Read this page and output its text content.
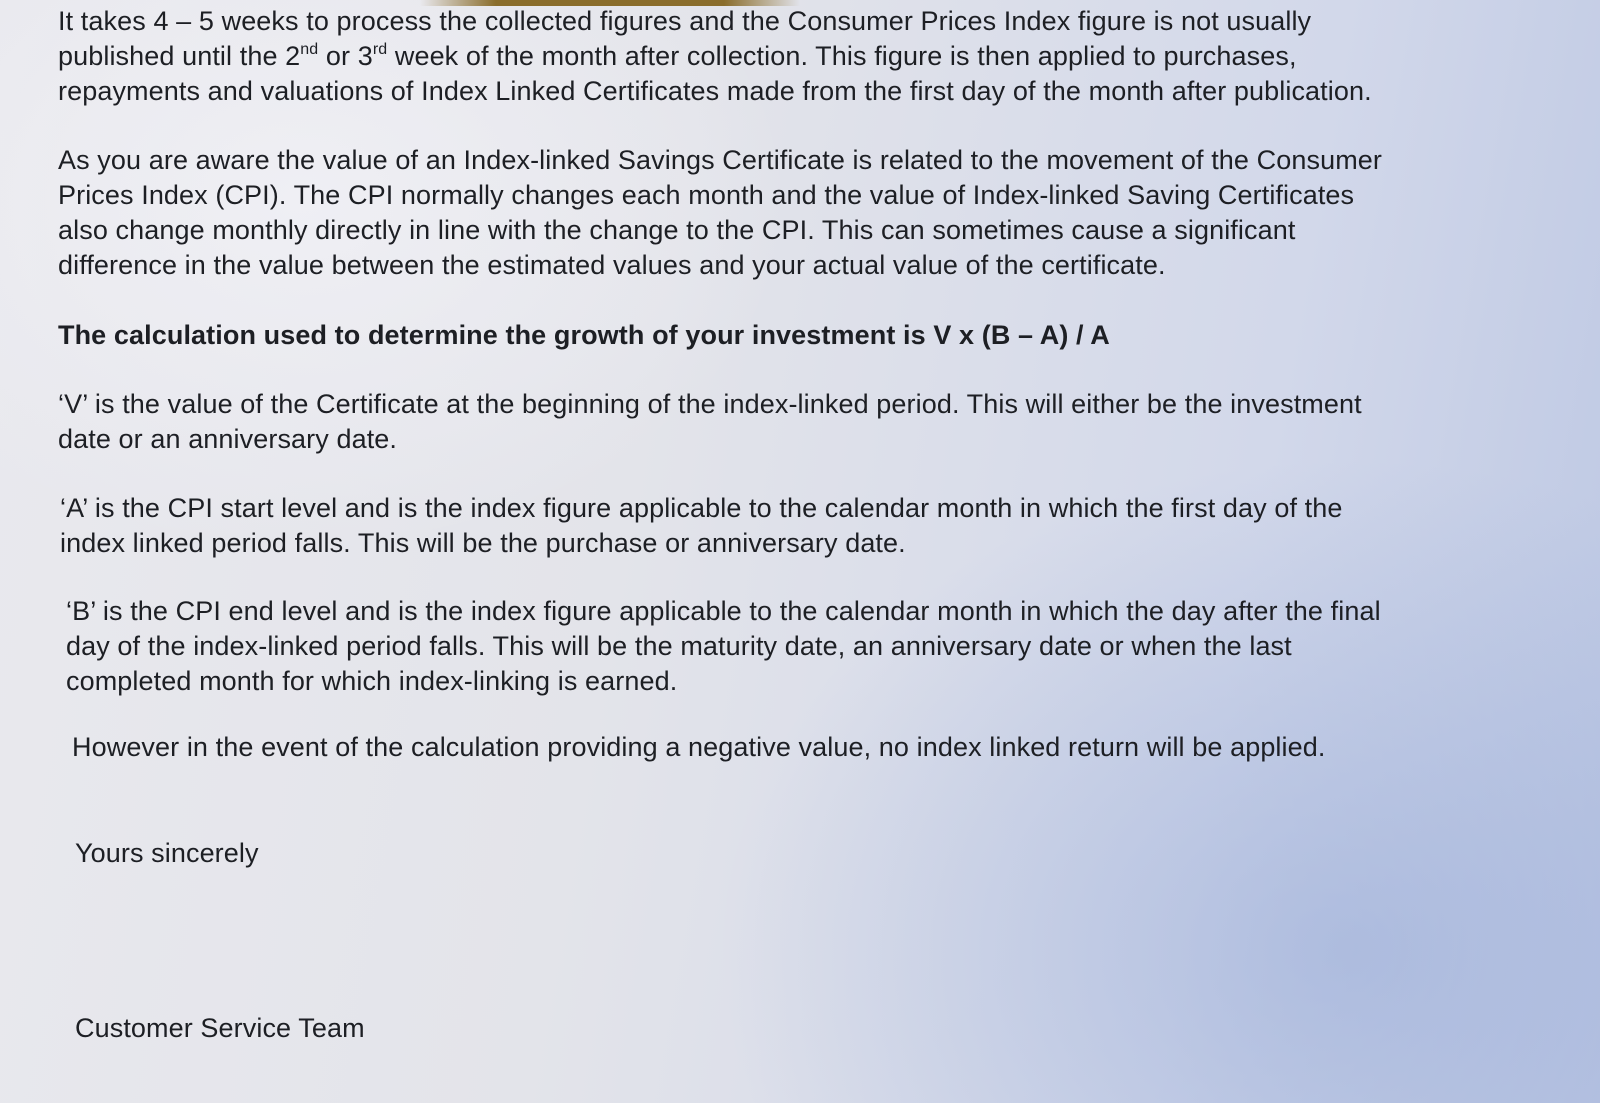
It takes 4 – 5 weeks to process the collected figures and the Consumer Prices Index figure is not usually
published until the 2nd or 3rd week of the month after collection. This figure is then applied to purchases,
repayments and valuations of Index Linked Certificates made from the first day of the month after publication.

As you are aware the value of an Index-linked Savings Certificate is related to the movement of the Consumer
Prices Index (CPI). The CPI normally changes each month and the value of Index-linked Saving Certificates
also change monthly directly in line with the change to the CPI. This can sometimes cause a significant
difference in the value between the estimated values and your actual value of the certificate.

The calculation used to determine the growth of your investment is V x (B – A) / A

‘V’ is the value of the Certificate at the beginning of the index-linked period. This will either be the investment
date or an anniversary date.

‘A’ is the CPI start level and is the index figure applicable to the calendar month in which the first day of the
index linked period falls. This will be the purchase or anniversary date.

‘B’ is the CPI end level and is the index figure applicable to the calendar month in which the day after the final
day of the index-linked period falls. This will be the maturity date, an anniversary date or when the last
completed month for which index-linking is earned.

However in the event of the calculation providing a negative value, no index linked return will be applied.

Yours sincerely

Customer Service Team
